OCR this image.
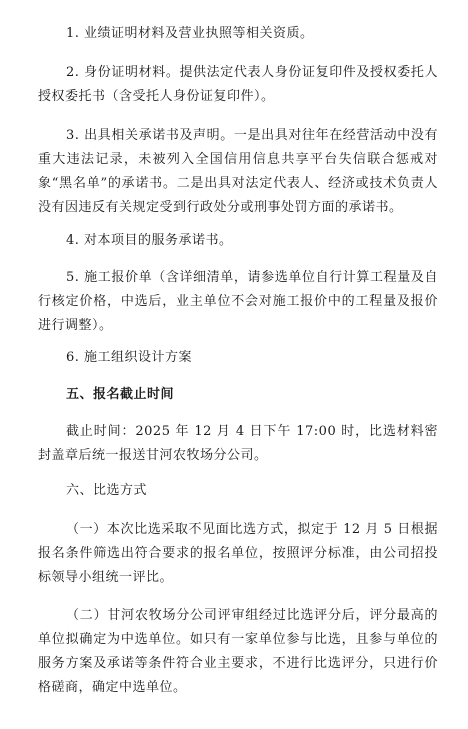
1. 业绩证明材料及营业执照等相关资质。

2. 身份证明材料。提供法定代表人身份证复印件及授权委托人授权委托书（含受托人身份证复印件）。

3. 出具相关承诺书及声明。一是出具对往年在经营活动中没有重大违法记录，未被列入全国信用信息共享平台失信联合惩戒对象“黑名单”的承诺书。二是出具对法定代表人、经济或技术负责人没有因违反有关规定受到行政处分或刑事处罚方面的承诺书。

4. 对本项目的服务承诺书。

5. 施工报价单（含详细清单，请参选单位自行计算工程量及自行核定价格，中选后，业主单位不会对施工报价中的工程量及报价进行调整）。

6. 施工组织设计方案

五、报名截止时间

截止时间：2025 年 12 月 4 日下午 17:00 时，比选材料密封盖章后统一报送甘河农牧场分公司。

六、比选方式

（一）本次比选采取不见面比选方式，拟定于 12 月 5 日根据报名条件筛选出符合要求的报名单位，按照评分标准，由公司招投标领导小组统一评比。

（二）甘河农牧场分公司评审组经过比选评分后，评分最高的单位拟确定为中选单位。如只有一家单位参与比选，且参与单位的服务方案及承诺等条件符合业主要求，不进行比选评分，只进行价格磋商，确定中选单位。
